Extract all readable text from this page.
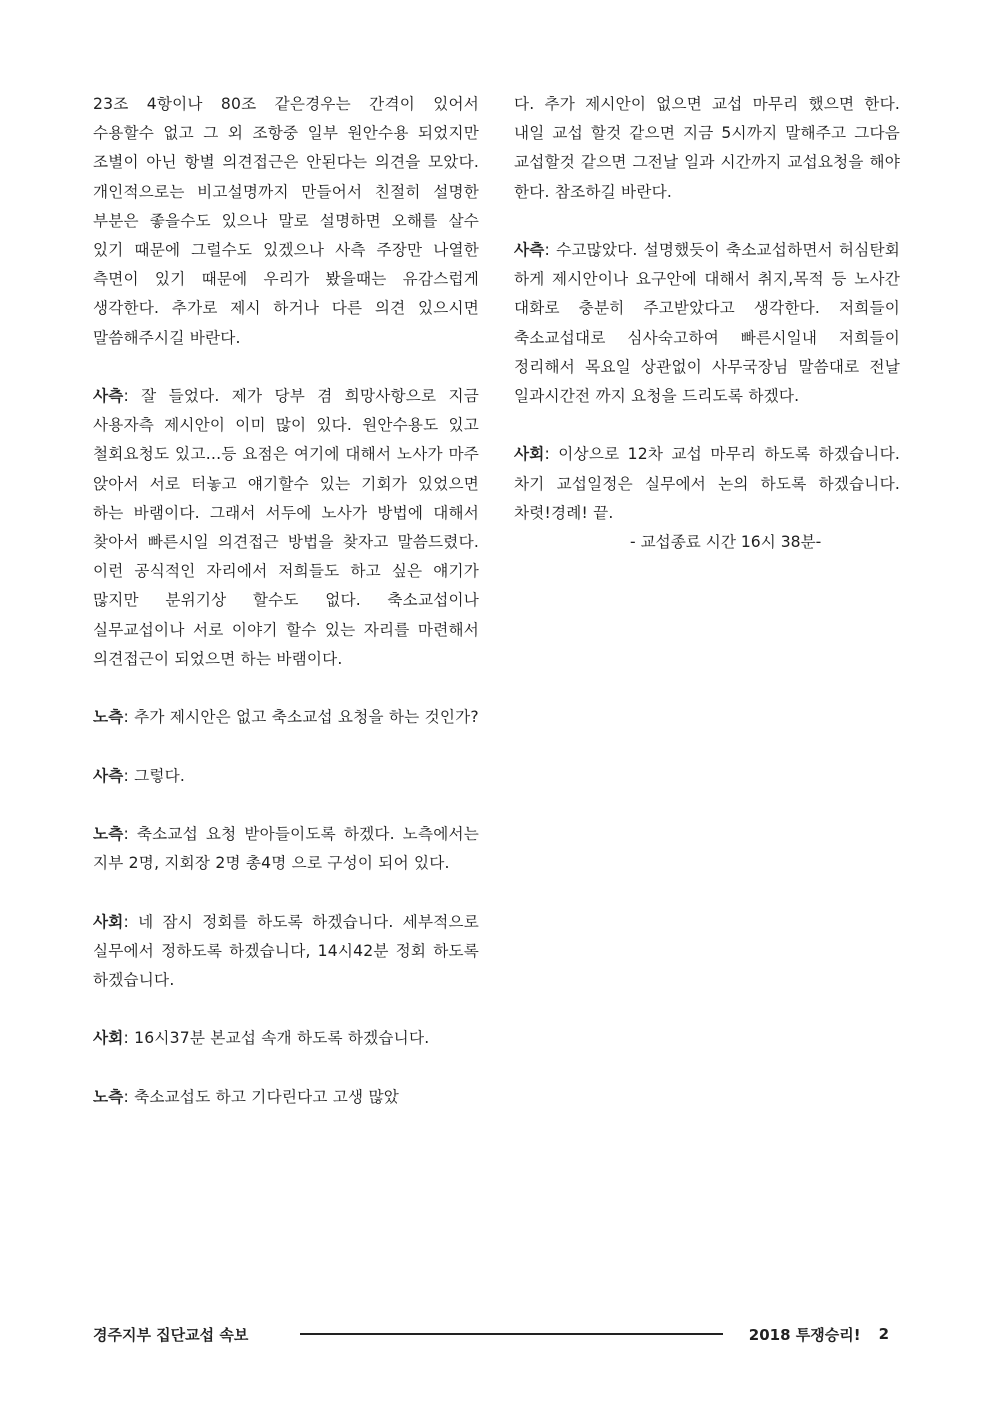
23조 4항이나 80조 같은경우는 간격이 있어서 수용할수 없고 그 외 조항중 일부 원안수용 되었지만 조별이 아닌 항별 의견접근은 안된다는 의견을 모았다. 개인적으로는 비고설명까지 만들어서 친절히 설명한 부분은 좋을수도 있으나 말로 설명하면 오해를 살수 있기 때문에 그럴수도 있겠으나 사측 주장만 나열한 측면이 있기 때문에 우리가 봤을때는 유감스럽게 생각한다. 추가로 제시 하거나 다른 의견 있으시면 말씀해주시길 바란다.

사측: 잘 들었다. 제가 당부 겸 희망사항으로 지금 사용자측 제시안이 이미 많이 있다. 원안수용도 있고 철회요청도 있고…등 요점은 여기에 대해서 노사가 마주 앉아서 서로 터놓고 얘기할수 있는 기회가 있었으면 하는 바램이다. 그래서 서두에 노사가 방법에 대해서 찾아서 빠른시일 의견접근 방법을 찾자고 말씀드렸다. 이런 공식적인 자리에서 저희들도 하고 싶은 얘기가 많지만 분위기상 할수도 없다. 축소교섭이나 실무교섭이나 서로 이야기 할수 있는 자리를 마련해서 의견접근이 되었으면 하는 바램이다.

노측: 추가 제시안은 없고 축소교섭 요청을 하는 것인가?

사측: 그렇다.

노측: 축소교섭 요청 받아들이도록 하겠다. 노측에서는 지부 2명, 지회장 2명 총4명 으로 구성이 되어 있다.

사회: 네 잠시 정회를 하도록 하겠습니다. 세부적으로 실무에서 정하도록 하겠습니다, 14시42분 정회 하도록 하겠습니다.

사회: 16시37분 본교섭 속개 하도록 하겠습니다.

노측: 축소교섭도 하고 기다린다고 고생 많았

다. 추가 제시안이 없으면 교섭 마무리 했으면 한다. 내일 교섭 할것 같으면 지금 5시까지 말해주고 그다음 교섭할것 같으면 그전날 일과 시간까지 교섭요청을 해야 한다. 참조하길 바란다.

사측: 수고많았다. 설명했듯이 축소교섭하면서 허심탄회 하게 제시안이나 요구안에 대해서 취지,목적 등 노사간 대화로 충분히 주고받았다고 생각한다. 저희들이 축소교섭대로 심사숙고하여 빠른시일내 저희들이 정리해서 목요일 상관없이 사무국장님 말씀대로 전날 일과시간전 까지 요청을 드리도록 하겠다.

사회: 이상으로 12차 교섭 마무리 하도록 하겠습니다. 차기 교섭일정은 실무에서 논의 하도록 하겠습니다. 차렷!경례! 끝.

- 교섭종료 시간 16시 38분-
경주지부 집단교섭 속보	2018 투쟁승리! 2
